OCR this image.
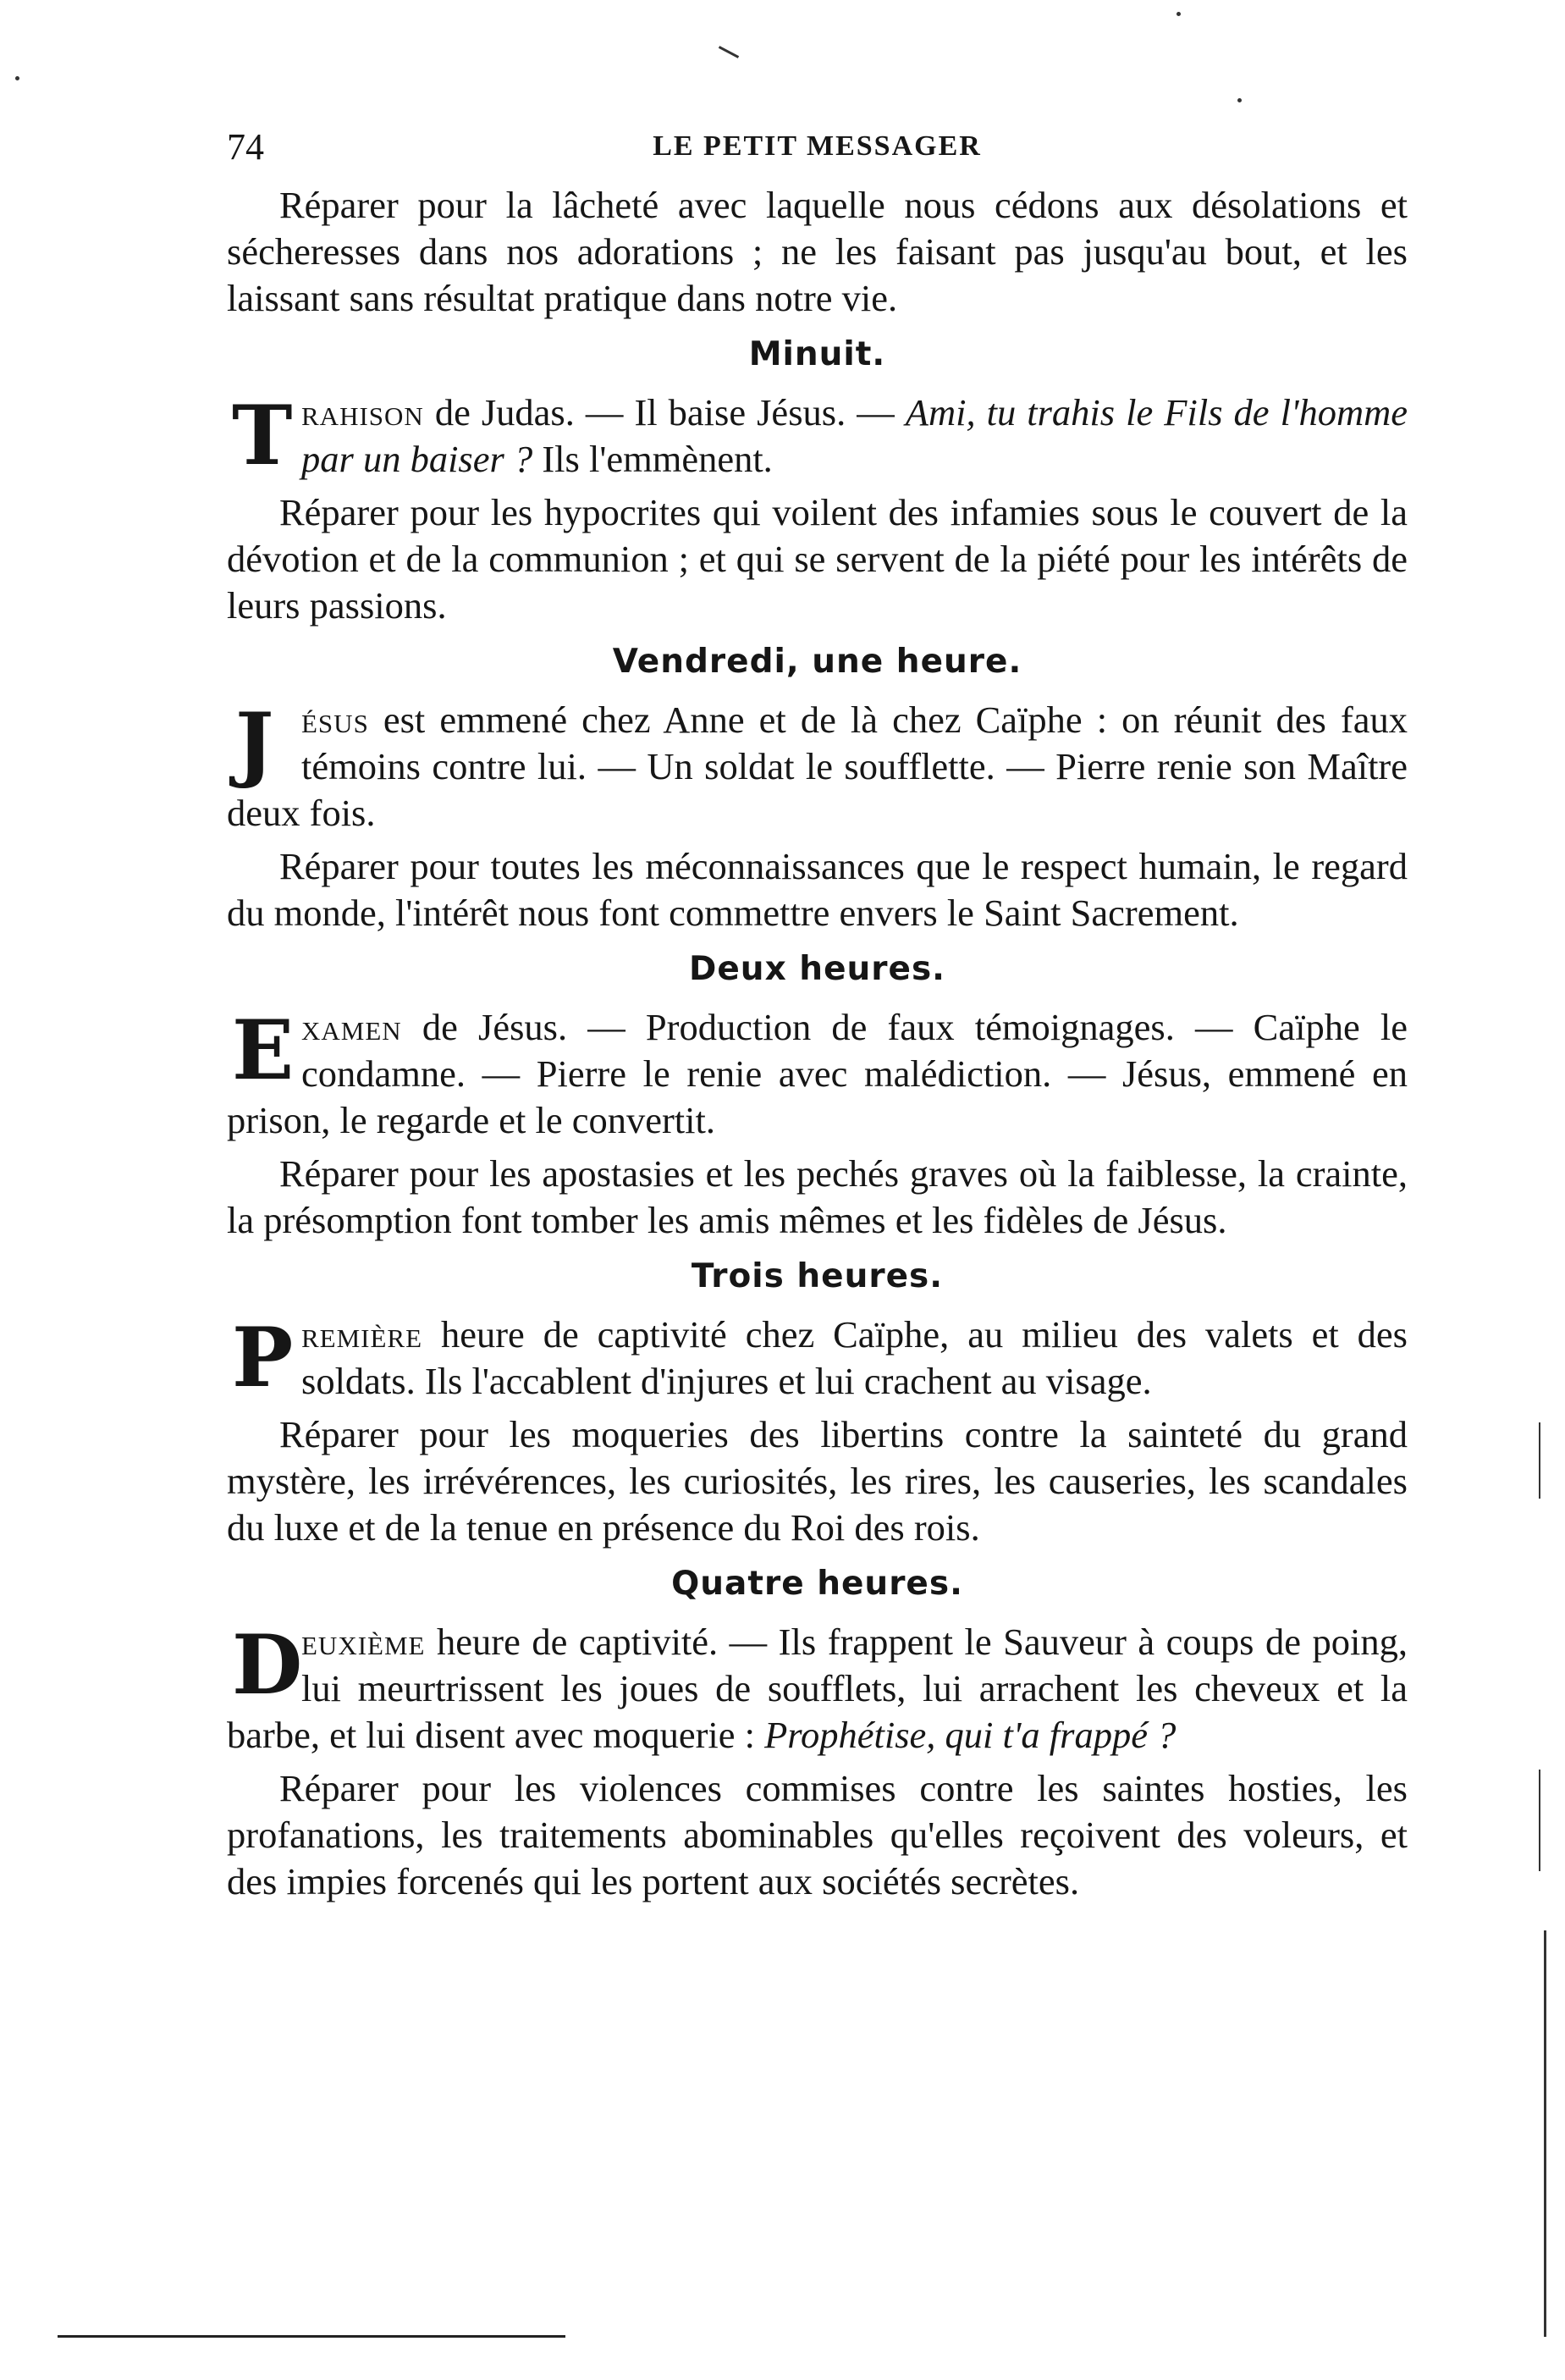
74	LE PETIT MESSAGER

Réparer pour la lâcheté avec laquelle nous cédons aux désolations et sécheresses dans nos adorations ; ne les faisant pas jusqu'au bout, et les laissant sans résultat pratique dans notre vie.

Minuit.
T rahison de Judas. — Il baise Jésus. — Ami, tu trahis le Fils de l'homme par un baiser ? Ils l'emmènent.

Réparer pour les hypocrites qui voilent des infamies sous le couvert de la dévotion et de la communion ; et qui se servent de la piété pour les intérêts de leurs passions.

Vendredi, une heure.
J ésus est emmené chez Anne et de là chez Caïphe : on réunit des faux témoins contre lui. — Un soldat le soufflette. — Pierre renie son Maître deux fois.

Réparer pour toutes les méconnaissances que le respect humain, le regard du monde, l'intérêt nous font commettre envers le Saint Sacrement.

Deux heures.
E xamen de Jésus. — Production de faux témoignages. — Caïphe le condamne. — Pierre le renie avec malédiction. — Jésus, emmené en prison, le regarde et le convertit.

Réparer pour les apostasies et les pechés graves où la faiblesse, la crainte, la présomption font tomber les amis mêmes et les fidèles de Jésus.

Trois heures.
P remière heure de captivité chez Caïphe, au milieu des valets et des soldats. Ils l'accablent d'injures et lui crachent au visage.

Réparer pour les moqueries des libertins contre la sainteté du grand mystère, les irrévérences, les curiosités, les rires, les causeries, les scandales du luxe et de la tenue en présence du Roi des rois.

Quatre heures.
D

euxième heure de captivité. — Ils frappent le Sauveur à coups de poing, lui meurtrissent les joues de soufflets, lui arrachent les cheveux et la barbe, et lui disent avec moquerie : Prophétise, qui t'a frappé ?

Réparer pour les violences commises contre les saintes hosties, les profanations, les traitements abominables qu'elles reçoivent des voleurs, et des impies forcenés qui les portent aux sociétés secrètes.
